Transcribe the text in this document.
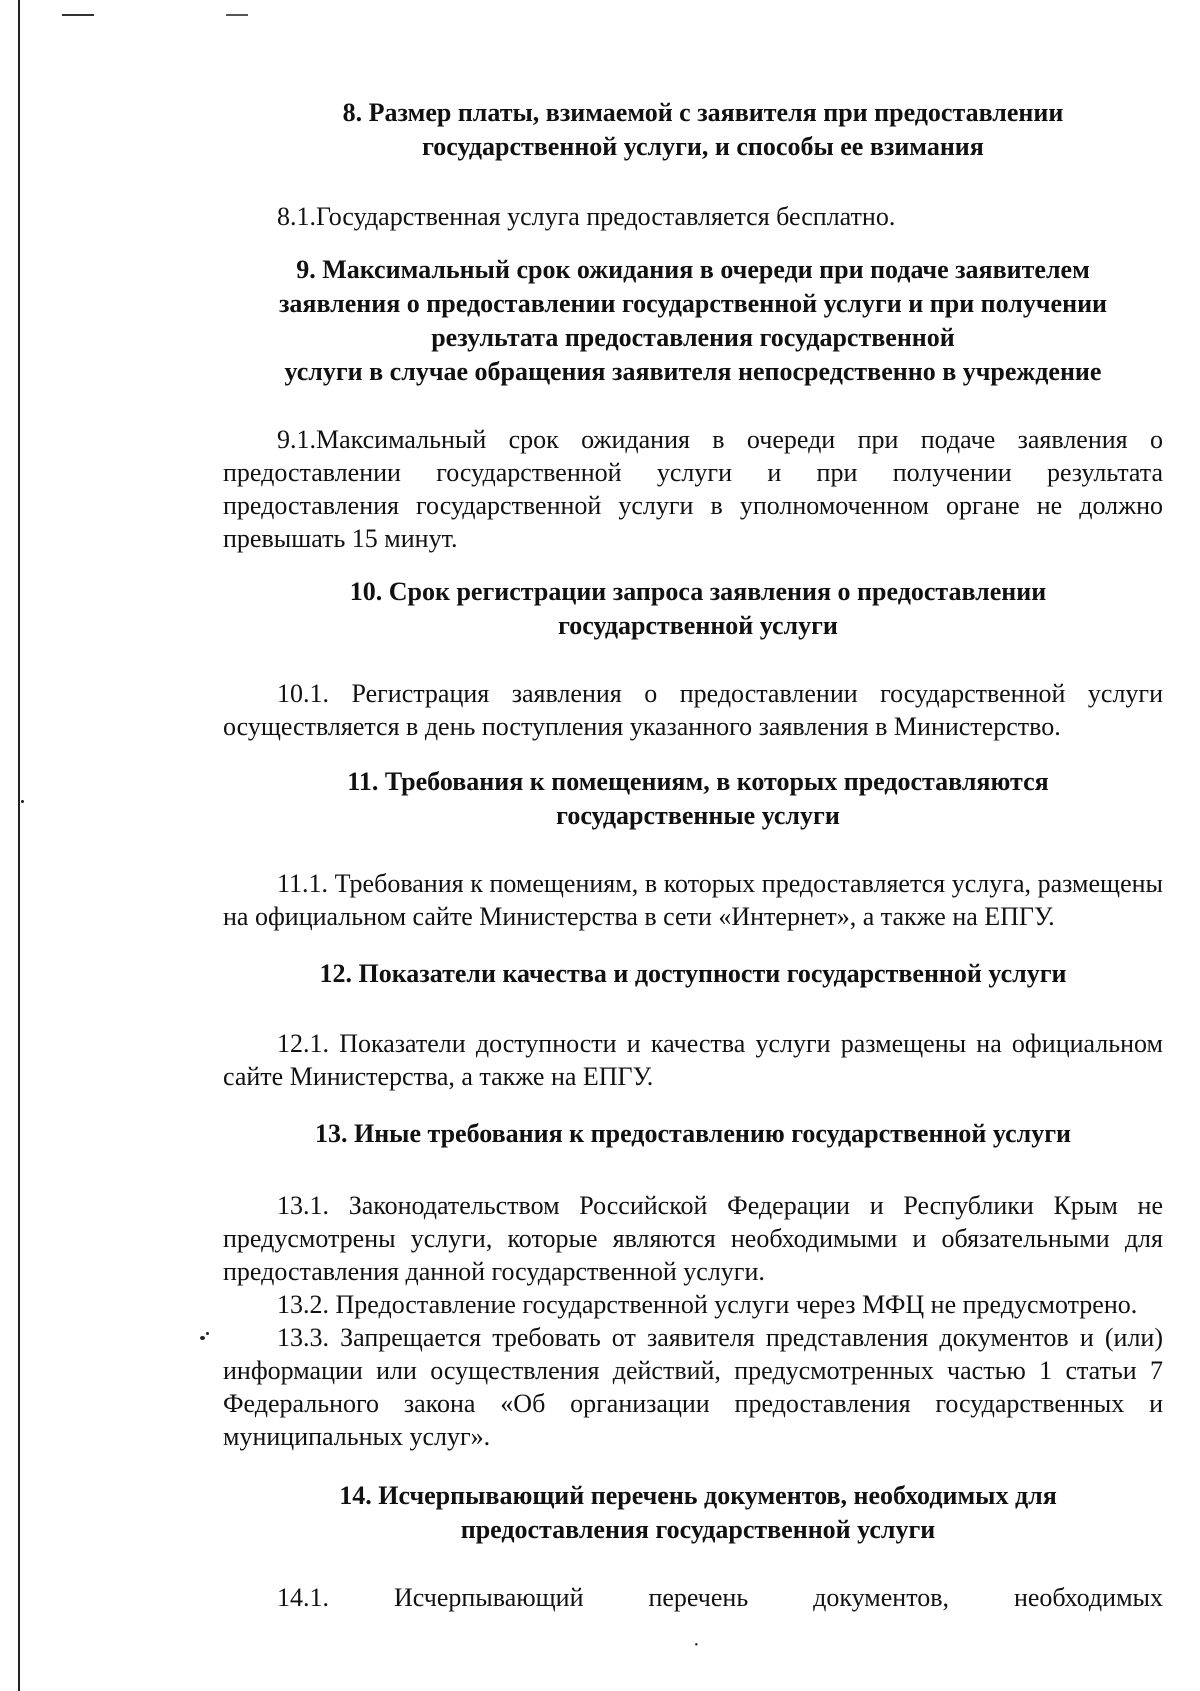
8. Размер платы, взимаемой с заявителя при предоставлении
государственной услуги, и способы ее взимания

8.1.Государственная услуга предоставляется бесплатно.

9. Максимальный срок ожидания в очереди при подаче заявителем
заявления о предоставлении государственной услуги и при получении
результата предоставления государственной
услуги в случае обращения заявителя непосредственно в учреждение

9.1.Максимальный срок ожидания в очереди при подаче заявления о предоставлении государственной услуги и при получении результата предоставления государственной услуги в уполномоченном органе не должно превышать 15 минут.

10. Срок регистрации запроса заявления о предоставлении
государственной услуги

10.1. Регистрация заявления о предоставлении государственной услуги осуществляется в день поступления указанного заявления в Министерство.

11. Требования к помещениям, в которых предоставляются
государственные услуги

11.1. Требования к помещениям, в которых предоставляется услуга, размещены на официальном сайте Министерства в сети «Интернет», а также на ЕПГУ.

12. Показатели качества и доступности государственной услуги

12.1. Показатели доступности и качества услуги размещены на официальном сайте Министерства, а также на ЕПГУ.

13. Иные требования к предоставлению государственной услуги

13.1. Законодательством Российской Федерации и Республики Крым не предусмотрены услуги, которые являются необходимыми и обязательными для предоставления данной государственной услуги.

13.2. Предоставление государственной услуги через МФЦ не предусмотрено.

13.3. Запрещается требовать от заявителя представления документов и (или) информации или осуществления действий, предусмотренных частью 1 статьи 7 Федерального закона «Об организации предоставления государственных и муниципальных услуг».

14. Исчерпывающий перечень документов, необходимых для
предоставления государственной услуги

14.1. Исчерпывающий перечень документов, необходимых

·
